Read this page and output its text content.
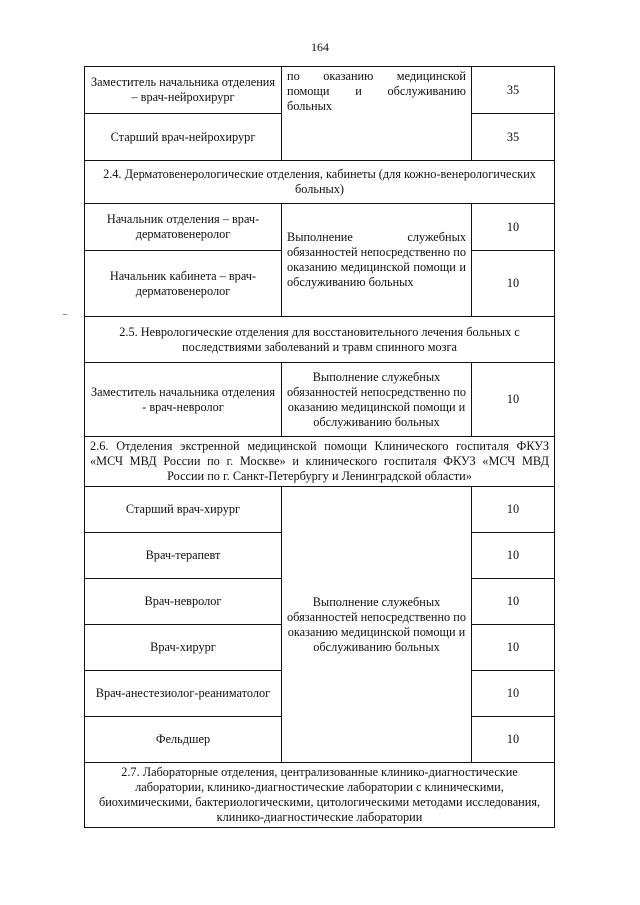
164
Заместитель начальника отделения – врач-нейрохирург	по оказанию медицинской помощи и обслуживанию больных	35
Старший врач-нейрохирург		35
2.4. Дерматовенерологические отделения, кабинеты (для кожно-венерологических больных)		
Начальник отделения – врач-дерматовенеролог	Выполнение служебных обязанностей непосредственно по оказанию медицинской помощи и обслуживанию больных	10
Начальник кабинета – врач-дерматовенеролог		10
2.5. Неврологические отделения для восстановительного лечения больных с последствиями заболеваний и травм спинного мозга		
Заместитель начальника отделения - врач-невролог	Выполнение служебных обязанностей непосредственно по оказанию медицинской помощи и обслуживанию больных	10
2.6. Отделения экстренной медицинской помощи Клинического госпиталя ФКУЗ «МСЧ МВД России по г. Москве» и клинического госпиталя ФКУЗ «МСЧ МВД России по г. Санкт-Петербургу и Ленинградской области»		
Старший врач-хирург	Выполнение служебных обязанностей непосредственно по оказанию медицинской помощи и обслуживанию больных	10
Врач-терапевт		10
Врач-невролог		10
Врач-хирург		10
Врач-анестезиолог-реаниматолог		10
Фельдшер		10
2.7. Лабораторные отделения, централизованные клинико-диагностические лаборатории, клинико-диагностические лаборатории с клиническими, биохимическими, бактериологическими, цитологическими методами исследования, клинико-диагностические лаборатории		
